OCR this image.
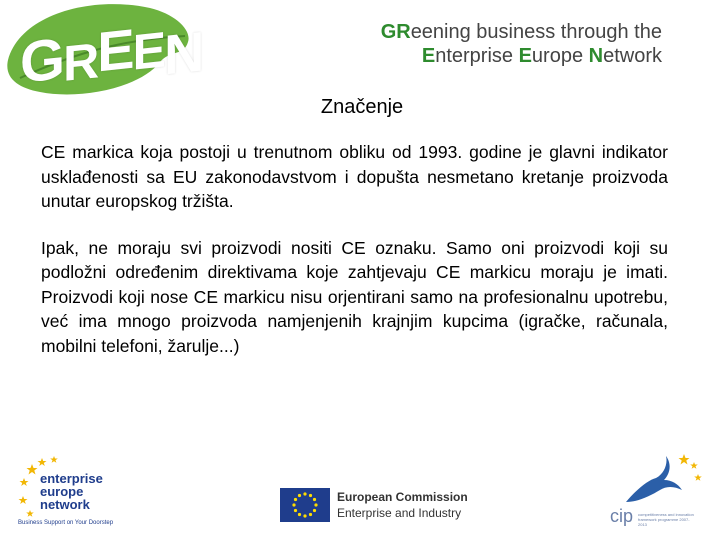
G R E E N	GReening business through the

Enterprise Europe Network
Značenje

CE markica koja postoji u trenutnom obliku od 1993. godine je glavni indikator usklađenosti sa EU zakonodavstvom i dopušta nesmetano kretanje proizvoda unutar europskog tržišta.

Ipak, ne moraju svi proizvodi nositi CE oznaku. Samo oni proizvodi koji su podložni određenim direktivama koje zahtjevaju CE markicu moraju je imati. Proizvodi koji nose CE markicu nisu orjentirani samo na profesionalnu upotrebu, već ima mnogo proizvoda namjenjenih krajnjim kupcima (igračke, računala, mobilni telefoni, žarulje...)

enterprise
europe
network
Business Support on Your Doorstep
European Commission
Enterprise and Industry	cip competitiveness and innovation framework programme 2007-2013
